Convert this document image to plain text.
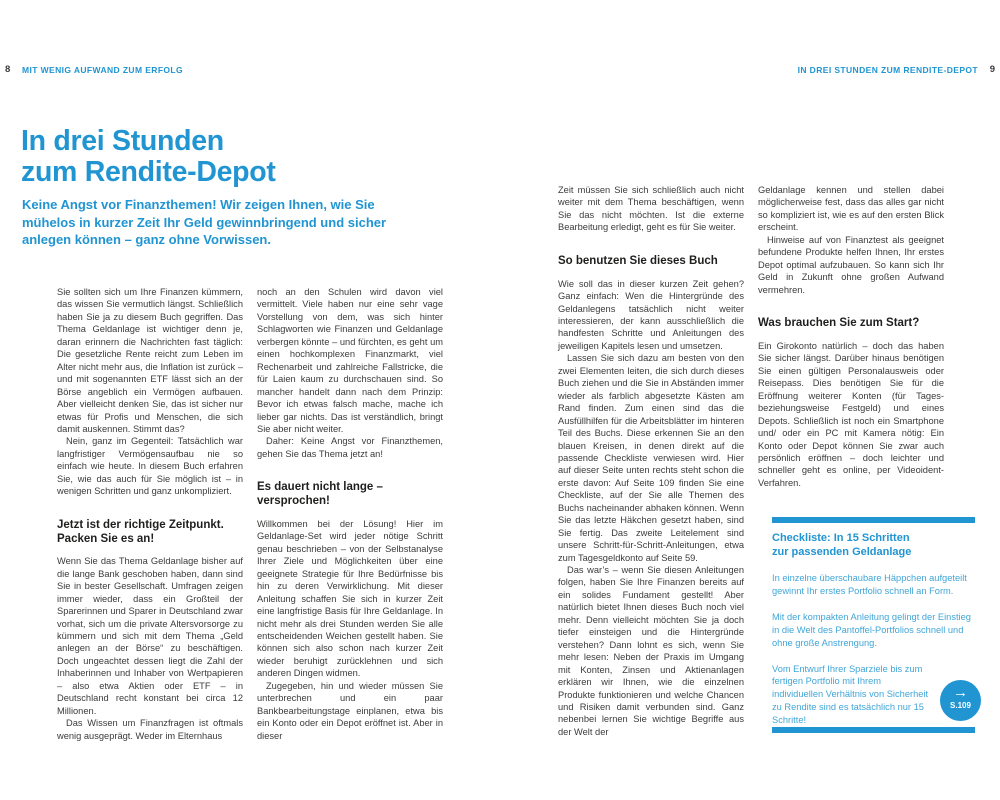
8 MIT WENIG AUFWAND ZUM ERFOLG	IN DREI STUNDEN ZUM RENDITE-DEPOT 9
In drei Stunden
zum Rendite-Depot

Keine Angst vor Finanzthemen! Wir zeigen Ihnen, wie Sie mühelos in kurzer Zeit Ihr Geld gewinnbringend und sicher anlegen können – ganz ohne Vorwissen.

Sie sollten sich um Ihre Finanzen kümmern, das wissen Sie vermutlich längst. Schließlich haben Sie ja zu diesem Buch gegriffen. Das Thema Geldanlage ist wichtiger denn je, daran erinnern die Nachrichten fast täglich: Die gesetzliche Rente reicht zum Leben im Alter nicht mehr aus, die Inflation ist zurück – und mit sogenannten ETF lässt sich an der Börse angeblich ein Vermögen aufbauen. Aber vielleicht denken Sie, das ist sicher nur etwas für Profis und Menschen, die sich damit auskennen. Stimmt das?

Nein, ganz im Gegenteil: Tatsächlich war langfristiger Vermögensaufbau nie so einfach wie heute. In diesem Buch erfahren Sie, wie das auch für Sie möglich ist – in wenigen Schritten und ganz unkompliziert.

Jetzt ist der richtige Zeitpunkt. Packen Sie es an!

Wenn Sie das Thema Geldanlage bisher auf die lange Bank geschoben haben, dann sind Sie in bester Gesellschaft. Umfragen zeigen immer wieder, dass ein Großteil der Sparerinnen und Sparer in Deutschland zwar vorhat, sich um die private Altersvorsorge zu kümmern und sich mit dem Thema „Geld anlegen an der Börse“ zu beschäftigen. Doch ungeachtet dessen liegt die Zahl der Inhaberinnen und Inhaber von Wertpapieren – also etwa Aktien oder ETF – in Deutschland recht konstant bei circa 12 Millionen.

Das Wissen um Finanzfragen ist oftmals wenig ausgeprägt. Weder im Elternhaus

noch an den Schulen wird davon viel vermittelt. Viele haben nur eine sehr vage Vorstellung von dem, was sich hinter Schlagworten wie Finanzen und Geldanlage verbergen könnte – und fürchten, es geht um einen hochkomplexen Finanzmarkt, viel Rechenarbeit und zahlreiche Fallstricke, die für Laien kaum zu durchschauen sind. So mancher handelt dann nach dem Prinzip: Bevor ich etwas falsch mache, mache ich lieber gar nichts. Das ist verständlich, bringt Sie aber nicht weiter.

Daher: Keine Angst vor Finanzthemen, gehen Sie das Thema jetzt an!

Es dauert nicht lange – versprochen!

Willkommen bei der Lösung! Hier im Geldanlage-Set wird jeder nötige Schritt genau beschrieben – von der Selbstanalyse Ihrer Ziele und Möglichkeiten über eine geeignete Strategie für Ihre Bedürfnisse bis hin zu deren Verwirklichung. Mit dieser Anleitung schaffen Sie sich in kurzer Zeit eine langfristige Basis für Ihre Geldanlage. In nicht mehr als drei Stunden werden Sie alle entscheidenden Weichen gestellt haben. Sie können sich also schon nach kurzer Zeit wieder beruhigt zurücklehnen und sich anderen Dingen widmen.

Zugegeben, hin und wieder müssen Sie unterbrechen und ein paar Bankbearbeitungstage einplanen, etwa bis ein Konto oder ein Depot eröffnet ist. Aber in dieser

Zeit müssen Sie sich schließlich auch nicht weiter mit dem Thema beschäftigen, wenn Sie das nicht möchten. Ist die externe Bearbeitung erledigt, geht es für Sie weiter.

So benutzen Sie dieses Buch

Wie soll das in dieser kurzen Zeit gehen? Ganz einfach: Wen die Hintergründe des Geldanlegens tatsächlich nicht weiter interessieren, der kann ausschließlich die handfesten Schritte und Anleitungen des jeweiligen Kapitels lesen und umsetzen.

Lassen Sie sich dazu am besten von den zwei Elementen leiten, die sich durch dieses Buch ziehen und die Sie in Abständen immer wieder als farblich abgesetzte Kästen am Rand finden. Zum einen sind das die Ausfüllhilfen für die Arbeitsblätter im hinteren Teil des Buchs. Diese erkennen Sie an den blauen Kreisen, in denen direkt auf die passende Checkliste verwiesen wird. Hier auf dieser Seite unten rechts steht schon die erste davon: Auf Seite 109 finden Sie eine Checkliste, auf der Sie alle Themen des Buchs nacheinander abhaken können. Wenn Sie das letzte Häkchen gesetzt haben, sind Sie fertig. Das zweite Leitelement sind unsere Schritt-für-Schritt-Anleitungen, etwa zum Tagesgeldkonto auf Seite 59.

Das war’s – wenn Sie diesen Anleitungen folgen, haben Sie Ihre Finanzen bereits auf ein solides Fundament gestellt! Aber natürlich bietet Ihnen dieses Buch noch viel mehr. Denn vielleicht möchten Sie ja doch tiefer einsteigen und die Hintergründe verstehen? Dann lohnt es sich, wenn Sie mehr lesen: Neben der Praxis im Umgang mit Konten, Zinsen und Aktienanlagen erklären wir Ihnen, wie die einzelnen Produkte funktionieren und welche Chancen und Risiken damit verbunden sind. Ganz nebenbei lernen Sie wichtige Begriffe aus der Welt der

Geldanlage kennen und stellen dabei möglicherweise fest, dass das alles gar nicht so kompliziert ist, wie es auf den ersten Blick erscheint.

Hinweise auf von Finanztest als geeignet befundene Produkte helfen Ihnen, Ihr erstes Depot optimal aufzubauen. So kann sich Ihr Geld in Zukunft ohne großen Aufwand vermehren.

Was brauchen Sie zum Start?

Ein Girokonto natürlich – doch das haben Sie sicher längst. Darüber hinaus benötigen Sie einen gültigen Personalausweis oder Reisepass. Dies benötigen Sie für die Eröffnung weiterer Konten (für Tages- beziehungsweise Festgeld) und eines Depots. Schließlich ist noch ein Smartphone und/ oder ein PC mit Kamera nötig: Ein Konto oder Depot können Sie zwar auch persönlich eröffnen – doch leichter und schneller geht es online, per Videoident-Verfahren.

Checkliste: In 15 Schritten
zur passenden Geldanlage

In einzelne überschaubare Häppchen aufgeteilt gewinnt Ihr erstes Portfolio schnell an Form.

Mit der kompakten Anleitung gelingt der Einstieg in die Welt des Pantoffel-Portfolios schnell und ohne große Anstrengung.

Vom Entwurf Ihrer Sparziele bis zum fertigen Portfolio mit Ihrem individuellen Verhältnis von Sicherheit zu Rendite sind es tatsächlich nur 15 Schritte!

→
S.109
